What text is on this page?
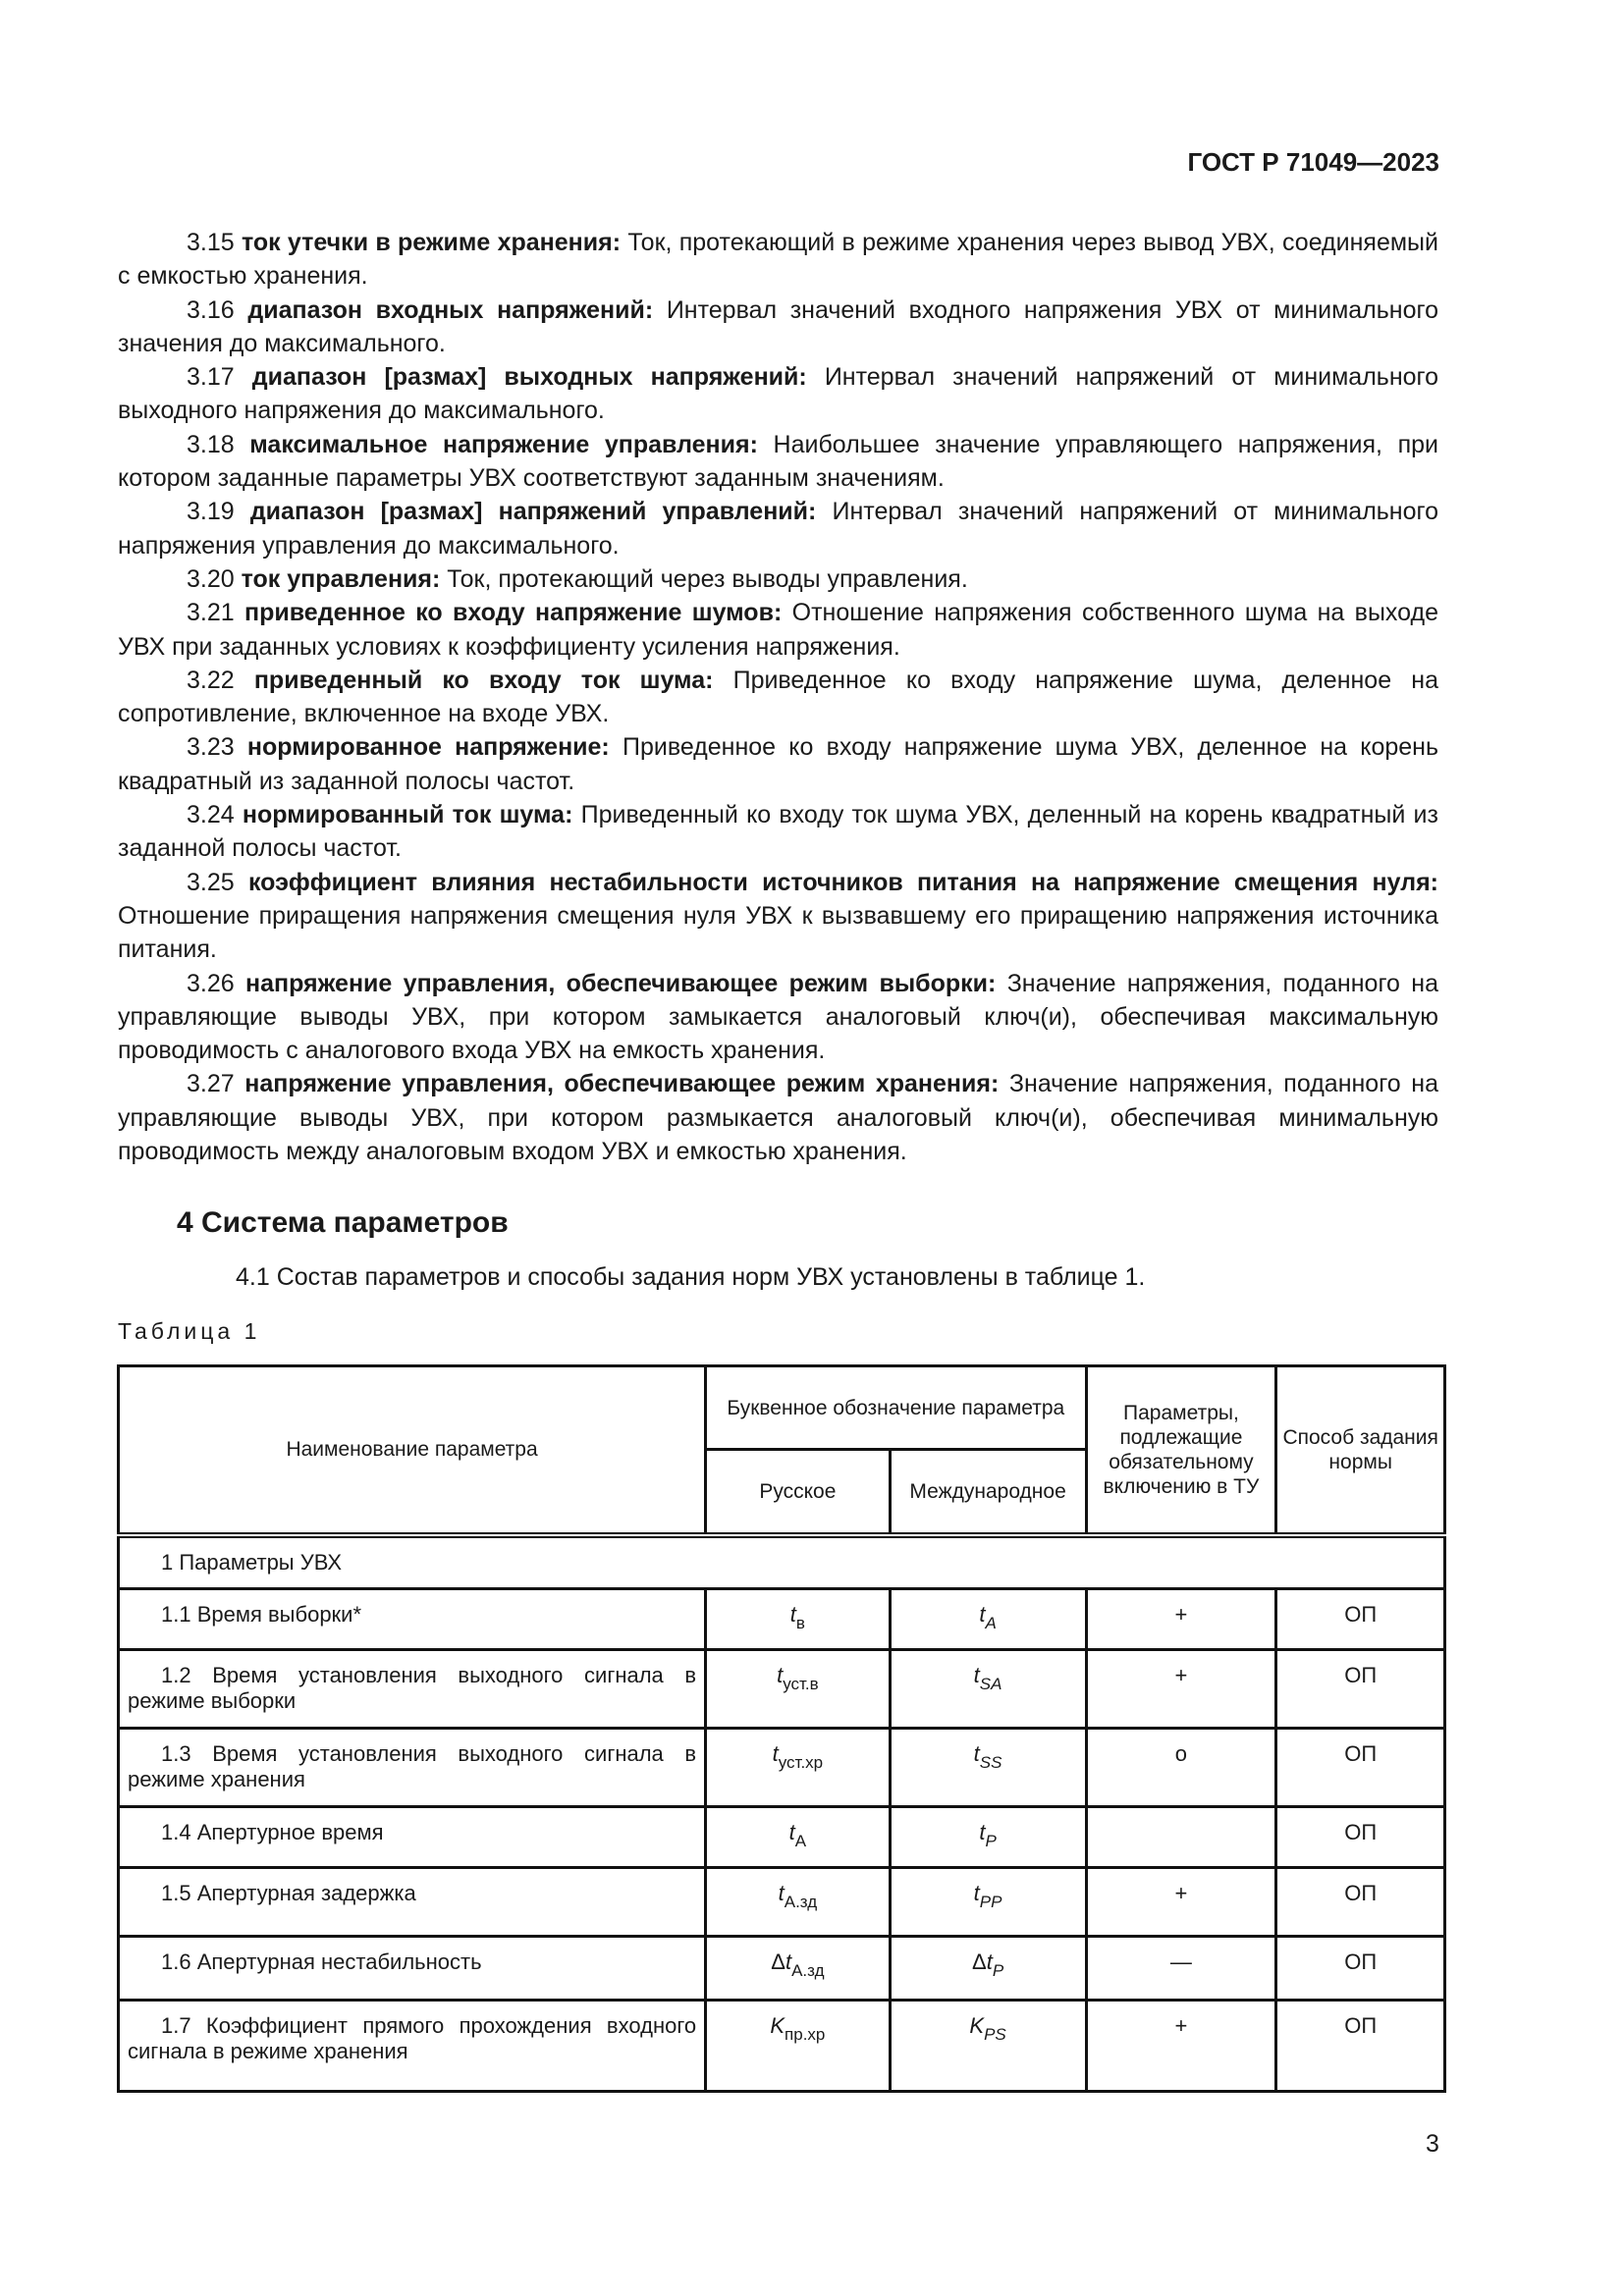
ГОСТ Р 71049—2023

3.15 ток утечки в режиме хранения: Ток, протекающий в режиме хранения через вывод УВХ, соединяемый с емкостью хранения.

3.16 диапазон входных напряжений: Интервал значений входного напряжения УВХ от минимального значения до максимального.

3.17 диапазон [размах] выходных напряжений: Интервал значений напряжений от минимального выходного напряжения до максимального.

3.18 максимальное напряжение управления: Наибольшее значение управляющего напряжения, при котором заданные параметры УВХ соответствуют заданным значениям.

3.19 диапазон [размах] напряжений управлений: Интервал значений напряжений от минимального напряжения управления до максимального.

3.20 ток управления: Ток, протекающий через выводы управления.

3.21 приведенное ко входу напряжение шумов: Отношение напряжения собственного шума на выходе УВХ при заданных условиях к коэффициенту усиления напряжения.

3.22 приведенный ко входу ток шума: Приведенное ко входу напряжение шума, деленное на сопротивление, включенное на входе УВХ.

3.23 нормированное напряжение: Приведенное ко входу напряжение шума УВХ, деленное на корень квадратный из заданной полосы частот.

3.24 нормированный ток шума: Приведенный ко входу ток шума УВХ, деленный на корень квадратный из заданной полосы частот.

3.25 коэффициент влияния нестабильности источников питания на напряжение смещения нуля: Отношение приращения напряжения смещения нуля УВХ к вызвавшему его приращению напряжения источника питания.

3.26 напряжение управления, обеспечивающее режим выборки: Значение напряжения, поданного на управляющие выводы УВХ, при котором замыкается аналоговый ключ(и), обеспечивая максимальную проводимость с аналогового входа УВХ на емкость хранения.

3.27 напряжение управления, обеспечивающее режим хранения: Значение напряжения, поданного на управляющие выводы УВХ, при котором размыкается аналоговый ключ(и), обеспечивая минимальную проводимость между аналоговым входом УВХ и емкостью хранения.

4 Система параметров

4.1 Состав параметров и способы задания норм УВХ установлены в таблице 1.

Таблица 1
Наименование параметра	Буквенное обозначение параметра		Параметры, подлежащие обязательному включению в ТУ	Способ задания нормы
	Русское	Международное		
1 Параметры УВХ				

1.1 Время выборки*	$t_в$	$t_A$	+	ОП

1.2 Время установления выходного сигнала в режиме выборки	$t_{уст.в}$	$t_{SA}$	+	ОП

1.3 Время установления выходного сигнала в режиме хранения	$t_{уст.хр}$	$t_{SS}$	о	ОП

1.4 Апертурное время	$t_А$	$t_P$		ОП

1.5 Апертурная задержка	$t_{А.зд}$	$t_{PP}$	+	ОП

1.6 Апертурная нестабильность	$\Delta t_{А.зд}$	$\Delta t_P$	—	ОП

1.7 Коэффициент прямого прохождения входного сигнала в режиме хранения	$K_{пр.хр}$	$K_{PS}$	+	ОП
3
